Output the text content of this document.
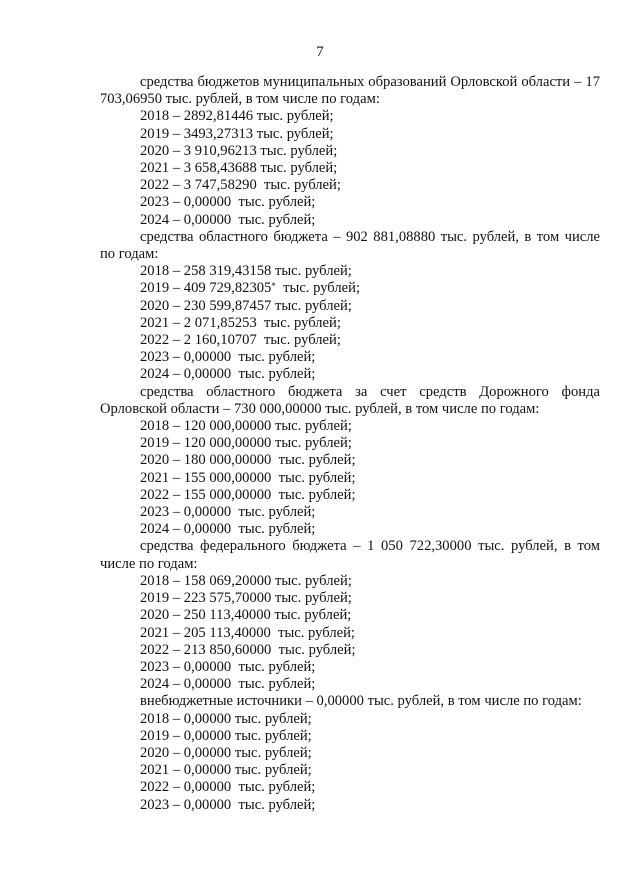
7
средства бюджетов муниципальных образований Орловской области – 17 703,06950 тыс. рублей, в том числе по годам:
2018 – 2892,81446 тыс. рублей;
2019 – 3493,27313 тыс. рублей;
2020 – 3 910,96213 тыс. рублей;
2021 – 3 658,43688 тыс. рублей;
2022 – 3 747,58290  тыс. рублей;
2023 – 0,00000  тыс. рублей;
2024 – 0,00000  тыс. рублей;
средства областного бюджета – 902 881,08880 тыс. рублей, в том числе по годам:
2018 – 258 319,43158 тыс. рублей;
2019 – 409 729,82305*  тыс. рублей;
2020 – 230 599,87457 тыс. рублей;
2021 – 2 071,85253  тыс. рублей;
2022 – 2 160,10707  тыс. рублей;
2023 – 0,00000  тыс. рублей;
2024 – 0,00000  тыс. рублей;
средства областного бюджета за счет средств Дорожного фонда Орловской области – 730 000,00000 тыс. рублей, в том числе по годам:
2018 – 120 000,00000 тыс. рублей;
2019 – 120 000,00000 тыс. рублей;
2020 – 180 000,00000  тыс. рублей;
2021 – 155 000,00000  тыс. рублей;
2022 – 155 000,00000  тыс. рублей;
2023 – 0,00000  тыс. рублей;
2024 – 0,00000  тыс. рублей;
средства федерального бюджета – 1 050 722,30000 тыс. рублей, в том числе по годам:
2018 – 158 069,20000 тыс. рублей;
2019 – 223 575,70000 тыс. рублей;
2020 – 250 113,40000 тыс. рублей;
2021 – 205 113,40000  тыс. рублей;
2022 – 213 850,60000  тыс. рублей;
2023 – 0,00000  тыс. рублей;
2024 – 0,00000  тыс. рублей;
внебюджетные источники – 0,00000 тыс. рублей, в том числе по годам:
2018 – 0,00000 тыс. рублей;
2019 – 0,00000 тыс. рублей;
2020 – 0,00000 тыс. рублей;
2021 – 0,00000 тыс. рублей;
2022 – 0,00000  тыс. рублей;
2023 – 0,00000  тыс. рублей;
